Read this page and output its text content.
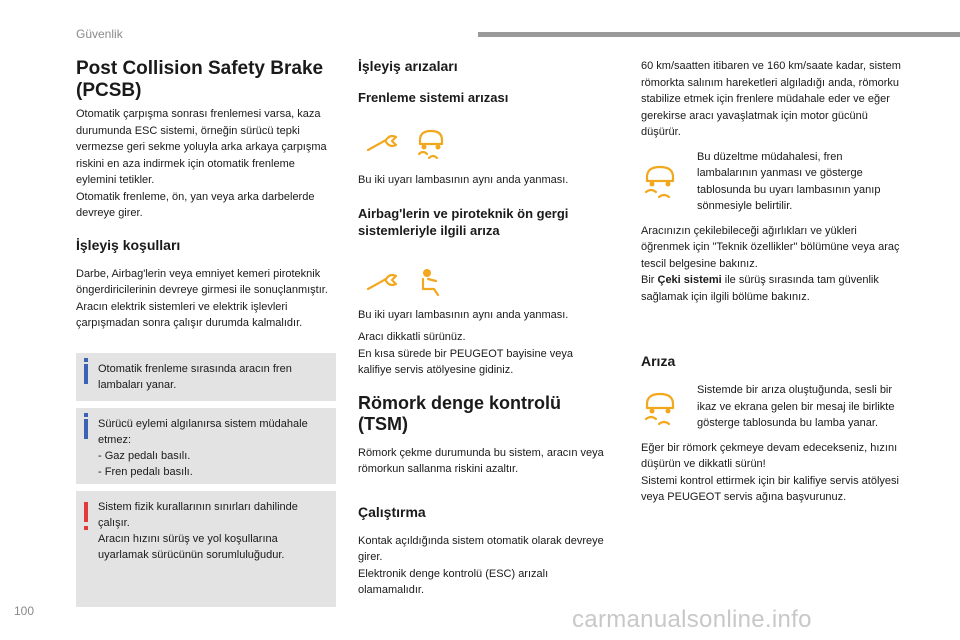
Güvenlik
Post Collision Safety Brake (PCSB)

Otomatik çarpışma sonrası frenlemesi varsa, kaza durumunda ESC sistemi, örneğin sürücü tepki vermezse geri sekme yoluyla arka arkaya çarpışma riskini en aza indirmek için otomatik frenleme eylemini tetikler.

Otomatik frenleme, ön, yan veya arka darbelerde devreye girer.

İşleyiş koşulları

Darbe, Airbag'lerin veya emniyet kemeri piroteknik öngerdiricilerinin devreye girmesi ile sonuçlanmıştır.

Aracın elektrik sistemleri ve elektrik işlevleri çarpışmadan sonra çalışır durumda kalmalıdır.

Otomatik frenleme sırasında aracın fren lambaları yanar.

Sürücü eylemi algılanırsa sistem müdahale etmez:

- Gaz pedalı basılı.

- Fren pedalı basılı.

Sistem fizik kurallarının sınırları dahilinde çalışır.

Aracın hızını sürüş ve yol koşullarına uyarlamak sürücünün sorumluluğudur.

İşleyiş arızaları
Frenleme sistemi arızası

Bu iki uyarı lambasının aynı anda yanması.

Airbag'lerin ve piroteknik ön gergi sistemleriyle ilgili arıza

Bu iki uyarı lambasının aynı anda yanması.

Aracı dikkatli sürünüz.

En kısa sürede bir PEUGEOT bayisine veya kalifiye servis atölyesine gidiniz.

Römork denge kontrolü (TSM)

Römork çekme durumunda bu sistem, aracın veya römorkun sallanma riskini azaltır.

Çalıştırma

Kontak açıldığında sistem otomatik olarak devreye girer.

Elektronik denge kontrolü (ESC) arızalı olamamalıdır.

60 km/saatten itibaren ve 160 km/saate kadar, sistem römorkta salınım hareketleri algıladığı anda, römorku stabilize etmek için frenlere müdahale eder ve eğer gerekirse aracı yavaşlatmak için motor gücünü düşürür.

Bu düzeltme müdahalesi, fren lambalarının yanması ve gösterge tablosunda bu uyarı lambasının yanıp sönmesiyle belirtilir.

Aracınızın çekilebileceği ağırlıkları ve yükleri öğrenmek için "Teknik özellikler" bölümüne veya araç tescil belgesine bakınız.

Bir Çeki sistemi ile sürüş sırasında tam güvenlik sağlamak için ilgili bölüme bakınız.

Arıza

Sistemde bir arıza oluştuğunda, sesli bir ikaz ve ekrana gelen bir mesaj ile birlikte gösterge tablosunda bu lamba yanar.

Eğer bir römork çekmeye devam edecekseniz, hızını düşürün ve dikkatli sürün!

Sistemi kontrol ettirmek için bir kalifiye servis atölyesi veya PEUGEOT servis ağına başvurunuz.

100	carmanualsonline.info
